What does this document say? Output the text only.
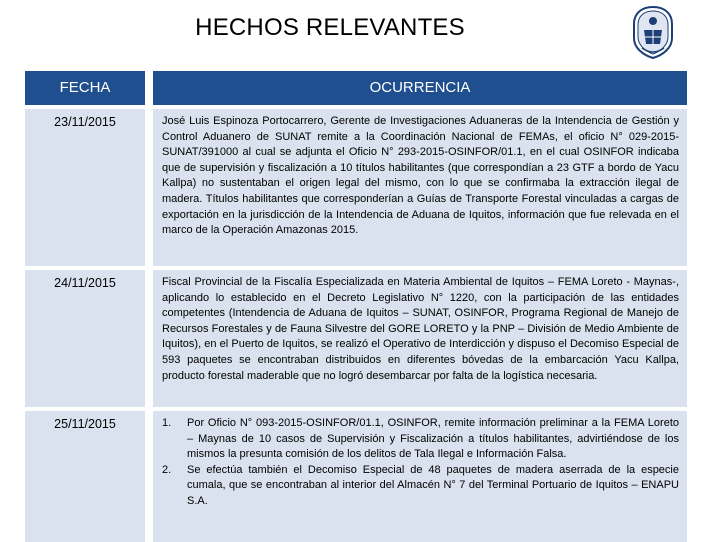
HECHOS RELEVANTES
FECHA	OCURRENCIA
23/11/2015	José Luis Espinoza Portocarrero, Gerente de Investigaciones Aduaneras de la Intendencia de Gestión y Control Aduanero de SUNAT remite a la Coordinación Nacional de FEMAs, el oficio N° 029-2015-SUNAT/391000 al cual se adjunta el Oficio N° 293-2015-OSINFOR/01.1, en el cual OSINFOR indicaba que de supervisión y fiscalización a 10 títulos habilitantes (que correspondían a 23 GTF a bordo de Yacu Kallpa) no sustentaban el origen legal del mismo, con lo que se confirmaba la extracción ilegal de madera. Títulos habilitantes que corresponderían a Guías de Transporte Forestal vinculadas a cargas de exportación en la jurisdicción de la Intendencia de Aduana de Iquitos, información que fue relevada en el marco de la Operación Amazonas 2015.
24/11/2015	Fiscal Provincial de la Fiscalía Especializada en Materia Ambiental de Iquitos – FEMA Loreto - Maynas-, aplicando lo establecido en el Decreto Legislativo N° 1220, con la participación de las entidades competentes (Intendencia de Aduana de Iquitos – SUNAT, OSINFOR, Programa Regional de Manejo de Recursos Forestales y de Fauna Silvestre del GORE LORETO y la PNP – División de Medio Ambiente de Iquitos), en el Puerto de Iquitos, se realizó el Operativo de Interdicción y dispuso el Decomiso Especial de 593 paquetes se encontraban distribuidos en diferentes bóvedas de la embarcación Yacu Kallpa, producto forestal maderable que no logró desembarcar por falta de la logística necesaria.
25/11/2015	1.	Por Oficio N° 093-2015-OSINFOR/01.1, OSINFOR, remite información preliminar a la FEMA Loreto – Maynas de 10 casos de Supervisión y Fiscalización a títulos habilitantes, advirtiéndose de los mismos la presunta comisión de los delitos de Tala Ilegal e Información Falsa.
2.	Se efectúa también el Decomiso Especial de 48 paquetes de madera aserrada de la especie cumala, que se encontraban al interior del Almacén N° 7 del Terminal Portuario de Iquitos – ENAPU S.A.
